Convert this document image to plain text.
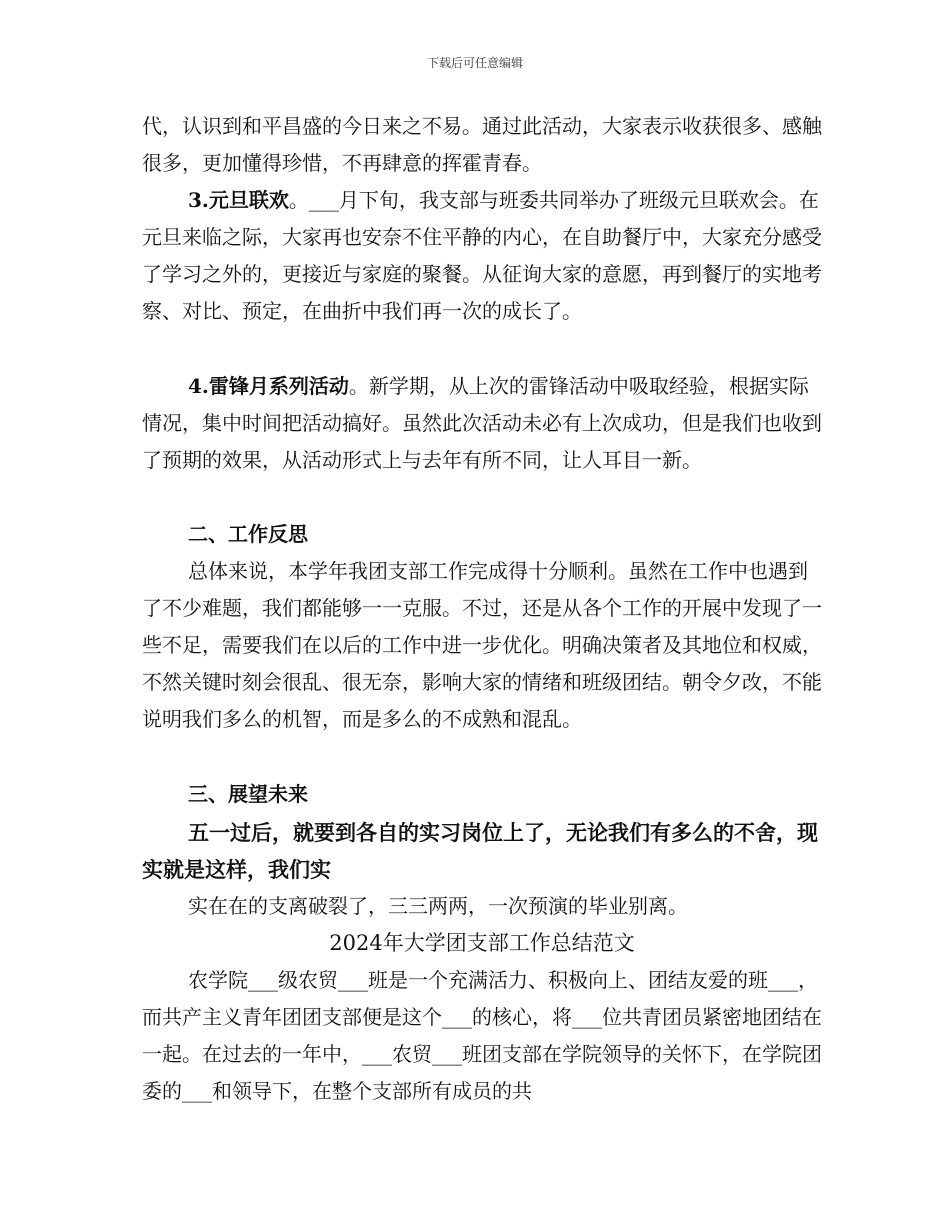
下载后可任意编辑
代，认识到和平昌盛的今日来之不易。通过此活动，大家表示收获很多、感触很多，更加懂得珍惜，不再肆意的挥霍青春。
3.元旦联欢。___月下旬，我支部与班委共同举办了班级元旦联欢会。在元旦来临之际，大家再也安奈不住平静的内心，在自助餐厅中，大家充分感受了学习之外的，更接近与家庭的聚餐。从征询大家的意愿，再到餐厅的实地考察、对比、预定，在曲折中我们再一次的成长了。
4.雷锋月系列活动。新学期，从上次的雷锋活动中吸取经验，根据实际情况，集中时间把活动搞好。虽然此次活动未必有上次成功，但是我们也收到了预期的效果，从活动形式上与去年有所不同，让人耳目一新。
二、工作反思
总体来说，本学年我团支部工作完成得十分顺利。虽然在工作中也遇到了不少难题，我们都能够一一克服。不过，还是从各个工作的开展中发现了一些不足，需要我们在以后的工作中进一步优化。明确决策者及其地位和权威，不然关键时刻会很乱、很无奈，影响大家的情绪和班级团结。朝令夕改，不能说明我们多么的机智，而是多么的不成熟和混乱。
三、展望未来
五一过后，就要到各自的实习岗位上了，无论我们有多么的不舍，现实就是这样，我们实
实在在的支离破裂了，三三两两，一次预演的毕业别离。
2024年大学团支部工作总结范文
农学院___级农贸___班是一个充满活力、积极向上、团结友爱的班___，而共产主义青年团团支部便是这个___的核心，将___位共青团员紧密地团结在一起。在过去的一年中，___农贸___班团支部在学院领导的关怀下，在学院团委的___和领导下，在整个支部所有成员的共
